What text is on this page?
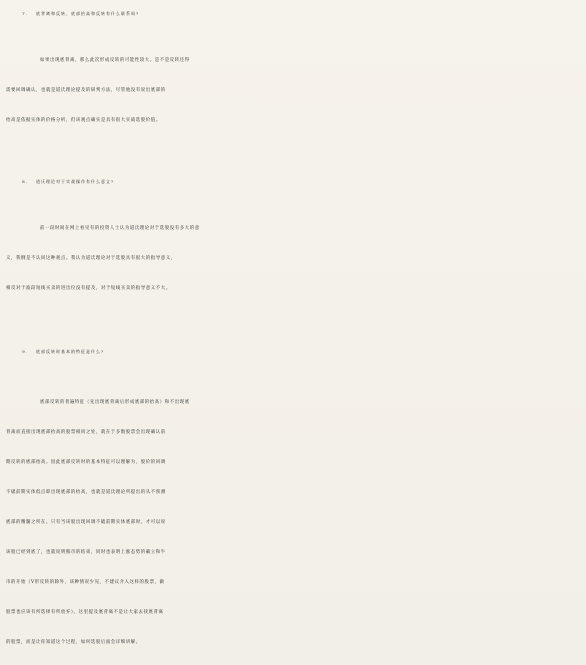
7. 底背离和反转、底部抬高和反转有什么联系吗?
如果出现底背离，那么此次形成反转的可能性较大。是不是反转还得
需要回调确认，也就是道氏理论提及的研判方法，尽管他没有说出底部的
抬高是依据实体的价格分析，但该观点确实是具有很大实战选股价值。
8. 道氏理论对于实战操作有什么意义?
前一段时间在网上看见有的投资人士认为道氏理论对于选股没有多大的意
义，我倒是不认同这种观点。我认为道氏理论对于选股具有很大的指导意义，
相反对于波段短线买卖的进出位没有提及，对于短线买卖的指导意义不大。
9. 底部反转时基本的特征是什么?
底部反转的普遍特征（先出现底背离后形成底部的抬高）和不出现底
背离而直接出现底部抬高的股票相同之处，就在于多数股票会出现确认前
期反转的底部抬高。因此底部反转时的基本特征可以理解为，股价的回调
不破前期实体低点即出现底部的抬高，也就是道氏理论所提出的从不预测
底部的精髓之所在。只有当该股出现回调不破前期实体底部时，才可以说
该股已经到底了，也就说明熊市的结束，同时也表明上涨态势的确立和牛
市的开始（V形反转的除外，该种情况少见，不建议介入这样的股票，做
股票也应该有所选择有所放弃）。这里提及底背离不是让大家去找底背离
的股票，而是让你知道这个过程，如何选股后面会详细讲解。
